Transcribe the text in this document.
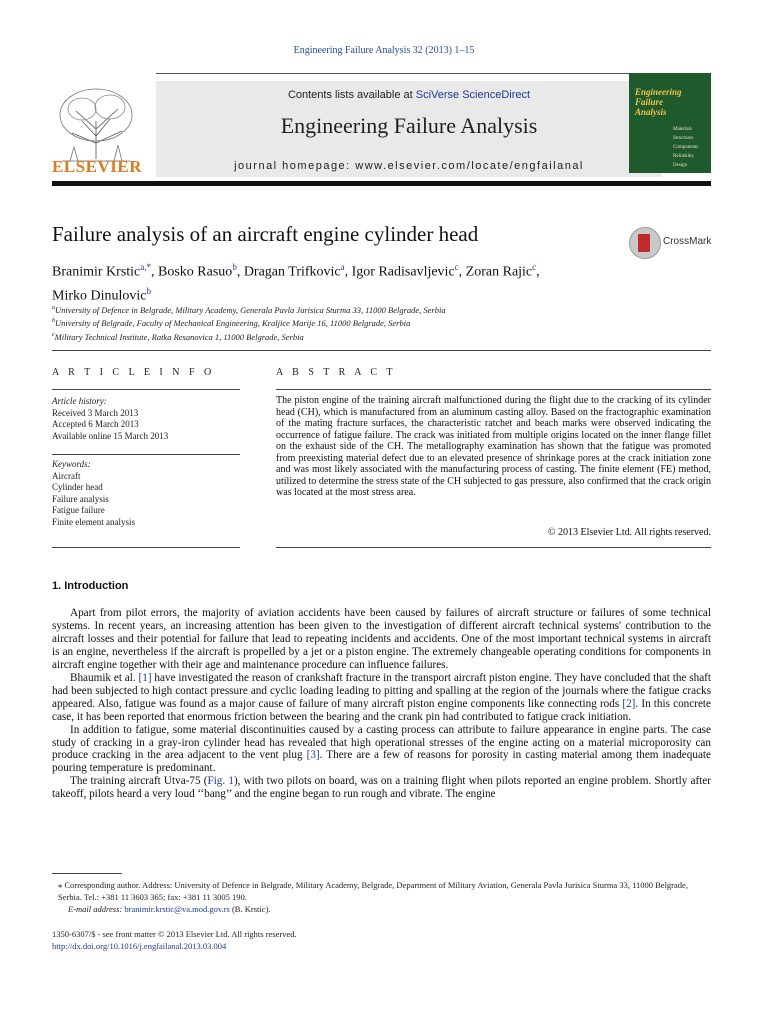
Engineering Failure Analysis 32 (2013) 1–15
ELSEVIER
Contents lists available at SciVerse ScienceDirect
Engineering Failure Analysis
journal homepage: www.elsevier.com/locate/engfailanal
Engineering Failure Analysis
Materials
Structures
Components
Reliability
Design
Failure analysis of an aircraft engine cylinder head	CrossMark
Branimir Krstic$^{a,*}$, Bosko Rasuo$^b$, Dragan Trifkovic$^a$, Igor Radisavljevic$^c$, Zoran Rajic$^c$,
Mirko Dinulovic$^b$
$^a$University of Defence in Belgrade, Military Academy, Generala Pavla Jurisica Sturma 33, 11000 Belgrade, Serbia
$^b$University of Belgrade, Faculty of Mechanical Engineering, Kraljice Marije 16, 11000 Belgrade, Serbia
$^c$Military Technical Institute, Ratka Resanovica 1, 11000 Belgrade, Serbia
A R T I C L E I N F O
Article history:
Received 3 March 2013
Accepted 6 March 2013
Available online 15 March 2013
Keywords:
Aircraft
Cylinder head
Failure analysis
Fatigue failure
Finite element analysis
A B S T R A C T
The piston engine of the training aircraft malfunctioned during the flight due to the cracking of its cylinder head (CH), which is manufactured from an aluminum casting alloy. Based on the fractographic examination of the mating fracture surfaces, the characteristic ratchet and beach marks were observed indicating the occurrence of fatigue failure. The crack was initiated from multiple origins located on the inner flange fillet on the exhaust side of the CH. The metallography examination has shown that the fatigue was promoted from preexisting material defect due to an elevated presence of shrinkage pores at the crack initiation zone and was most likely associated with the manufacturing process of casting. The finite element (FE) method, utilized to determine the stress state of the CH subjected to gas pressure, also confirmed that the crack origin was located at the most stress area.
© 2013 Elsevier Ltd. All rights reserved.
1. Introduction

Apart from pilot errors, the majority of aviation accidents have been caused by failures of aircraft structure or failures of some technical systems. In recent years, an increasing attention has been given to the investigation of different aircraft technical systems' contribution to the aircraft losses and their potential for failure that lead to repeating incidents and accidents. One of the most important technical systems in aircraft is an engine, nevertheless if the aircraft is propelled by a jet or a piston engine. The extremely changeable operating conditions for components in aircraft engine together with their age and maintenance procedure can influence failures.

Bhaumik et al. [1] have investigated the reason of crankshaft fracture in the transport aircraft piston engine. They have concluded that the shaft had been subjected to high contact pressure and cyclic loading leading to pitting and spalling at the region of the journals where the fatigue cracks appeared. Also, fatigue was found as a major cause of failure of many aircraft piston engine components like connecting rods [2]. In this concrete case, it has been reported that enormous friction between the bearing and the crank pin had contributed to fatigue crack initiation.

In addition to fatigue, some material discontinuities caused by a casting process can attribute to failure appearance in engine parts. The case study of cracking in a gray-iron cylinder head has revealed that high operational stresses of the engine acting on a material microporosity can produce cracking in the area adjacent to the vent plug [3]. There are a few of reasons for porosity in casting material among them inadequate pouring temperature is predominant.

The training aircraft Utva-75 (Fig. 1), with two pilots on board, was on a training flight when pilots reported an engine problem. Shortly after takeoff, pilots heard a very loud ‘‘bang’’ and the engine began to run rough and vibrate. The engine

⁎ Corresponding author. Address: University of Defence in Belgrade, Military Academy, Belgrade, Department of Military Aviation, Generala Pavla Jurisica Sturma 33, 11000 Belgrade, Serbia. Tel.: +381 11 3603 365; fax: +381 11 3005 190.
E-mail address: branimir.krstic@va.mod.gov.rs (B. Krstic).
1350-6307/$ - see front matter © 2013 Elsevier Ltd. All rights reserved.
http://dx.doi.org/10.1016/j.engfailanal.2013.03.004
